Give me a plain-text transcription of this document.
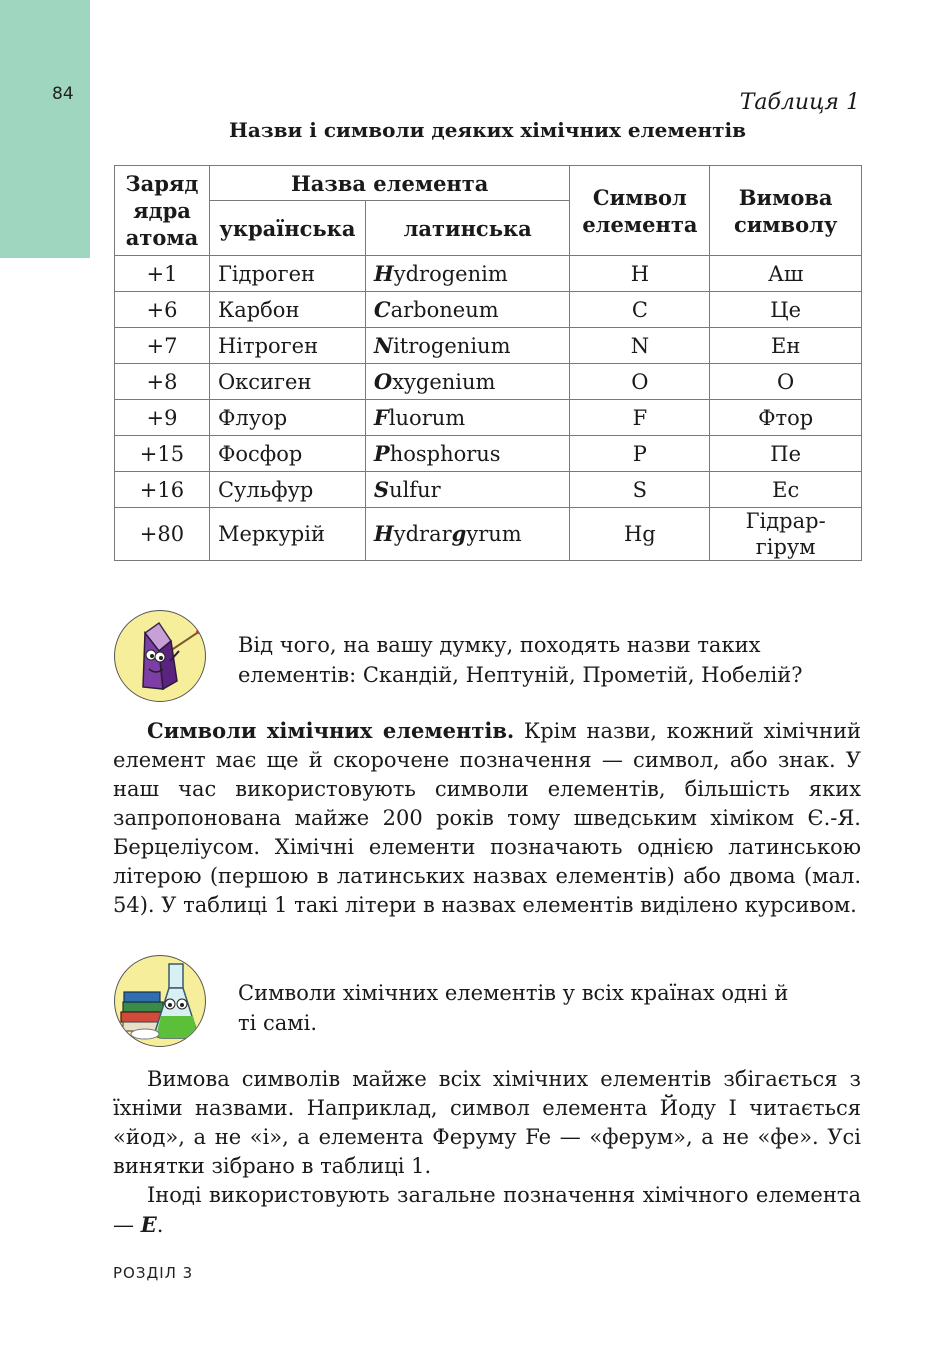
84	Таблиця 1
Назви і символи деяких хімічних елементів
Заряд
ядра
атома	Назва елемента		Символ
елемента	Вимова
символу
	українська	латинська		
+1	Гідроген	Hydrogenim	H	Аш
+6	Карбон	Carboneum	C	Це
+7	Нітроген	Nitrogenium	N	Ен
+8	Оксиген	Oxygenium	O	О
+9	Флуор	Fluorum	F	Фтор
+15	Фосфор	Phosphorus	P	Пе
+16	Сульфур	Sulfur	S	Ес
+80	Меркурій	Hydrargyrum	Hg	Гідрар-
гірум
Від чого, на вашу думку, походять назви таких
елементів: Скандій, Нептуній, Прометій, Нобелій?
Символи хімічних елементів. Крім назви, кожний хімічний елемент має ще й скорочене позначення — символ, або знак. У наш час використовують символи елементів, більшість яких запропонована майже 200 років тому шведським хіміком Є.-Я. Берцеліусом. Хімічні елементи позначають однією латинською літерою (першою в латинських назвах елементів) або двома (мал. 54). У таблиці 1 такі літери в назвах елементів виділено курсивом.
Символи хімічних елементів у всіх країнах одні й
ті самі.
Вимова символів майже всіх хімічних елементів збігається з їхніми назвами. Наприклад, символ елемента Йоду I читається «йод», а не «і», а елемента Феруму Fe — «ферум», а не «фе». Усі винятки зібрано в таблиці 1.
Іноді використовують загальне позначення хімічного елемента — E.
РОЗДІЛ 3
